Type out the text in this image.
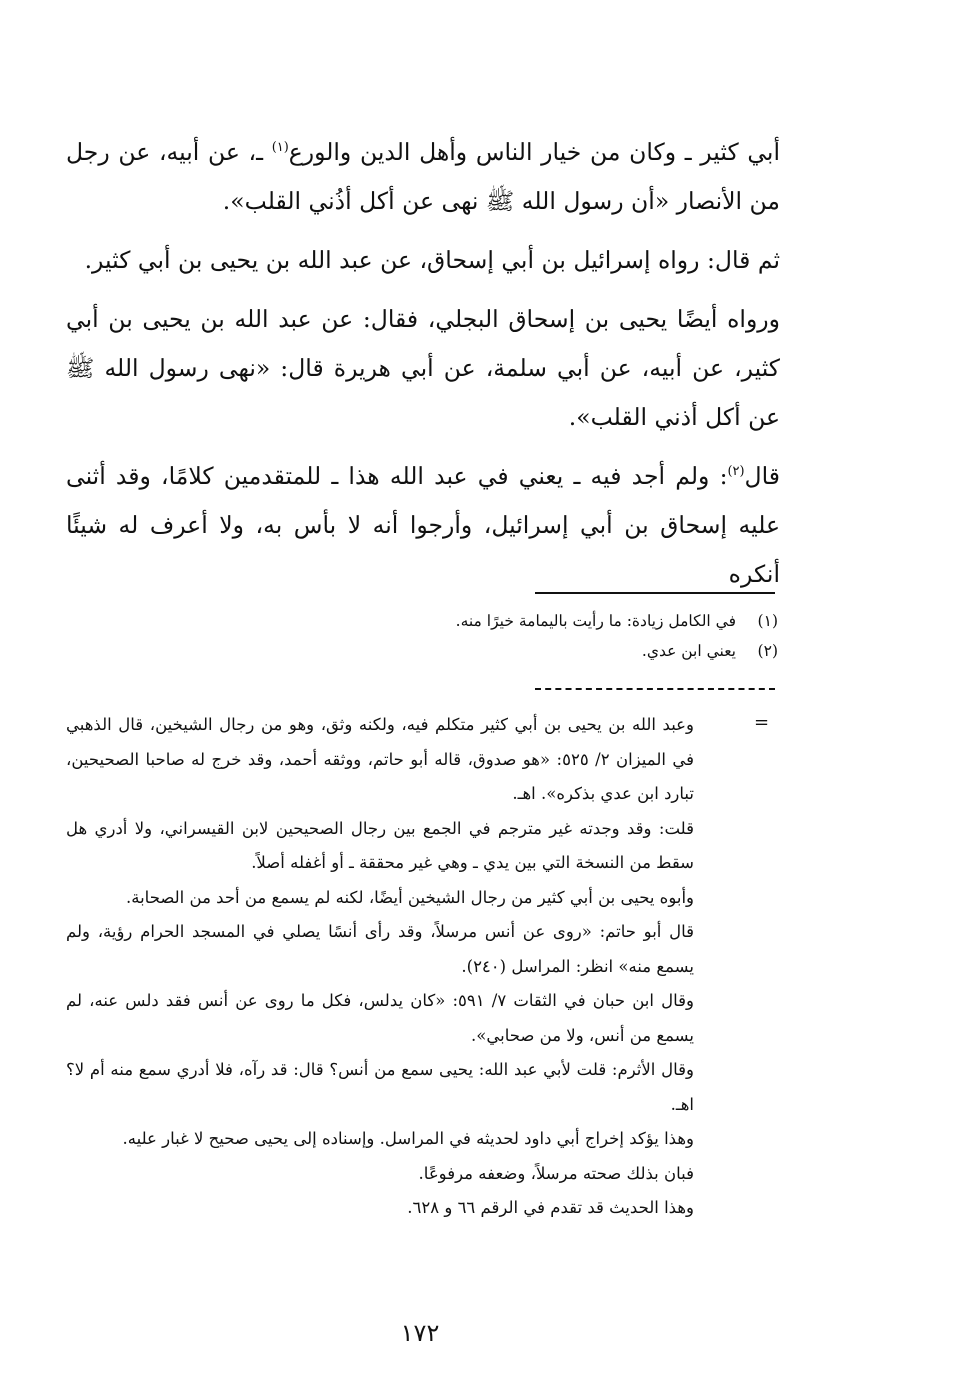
أبي كثير ـ وكان من خيار الناس وأهل الدين والورع$^{(١)}$ ـ، عن أبيه، عن رجل من الأنصار «أن رسول الله ﷺ نهى عن أكل أذُني القلب».

ثم قال: رواه إسرائيل بن أبي إسحاق، عن عبد الله بن يحيى بن أبي كثير.

ورواه أيضًا يحيى بن إسحاق البجلي، فقال: عن عبد الله بن يحيى بن أبي كثير، عن أبيه، عن أبي سلمة، عن أبي هريرة قال: «نهى رسول الله ﷺ عن أكل أذني القلب».

قال$^{(٢)}$: ولم أجد فيه ـ يعني في عبد الله هذا ـ للمتقدمين كلامًا، وقد أثنى عليه إسحاق بن أبي إسرائيل، وأرجوا أنه لا بأس به، ولا أعرف له شيئًا أنكره

(١)
في الكامل زيادة: ما رأيت باليمامة خيرًا منه.
(٢)
يعني ابن عدي.
=

وعبد الله بن يحيى بن أبي كثير متكلم فيه، ولكنه وثق، وهو من رجال الشيخين، قال الذهبي في الميزان ٢/ ٥٢٥: «هو صدوق، قاله أبو حاتم، ووثقه أحمد، وقد خرج له صاحبا الصحيحين، تبارد ابن عدي بذكره». اهـ.

قلت: وقد وجدته غير مترجم في الجمع بين رجال الصحيحين لابن القيسراني، ولا أدري هل سقط من النسخة التي بين يدي ـ وهي غير محققة ـ أو أغفله أصلاً.

وأبوه يحيى بن أبي كثير من رجال الشيخين أيضًا، لكنه لم يسمع من أحد من الصحابة.

قال أبو حاتم: «روى عن أنس مرسلاً، وقد رأى أنسًا يصلي في المسجد الحرام رؤية، ولم يسمع منه» انظر: المراسل (٢٤٠).

وقال ابن حبان في الثقات ٧/ ٥٩١: «كان يدلس، فكل ما روى عن أنس فقد دلس عنه، لم يسمع من أنس، ولا من صحابي».

وقال الأثرم: قلت لأبي عبد الله: يحيى سمع من أنس؟ قال: قد رآه، فلا أدري سمع منه أم لا؟ اهـ.

وهذا يؤكد إخراج أبي داود لحديثه في المراسل. وإسناده إلى يحيى صحيح لا غبار عليه.

فبان بذلك صحته مرسلاً، وضعفه مرفوعًا.

وهذا الحديث قد تقدم في الرقم ٦٦ و ٦٢٨.

١٧٢
